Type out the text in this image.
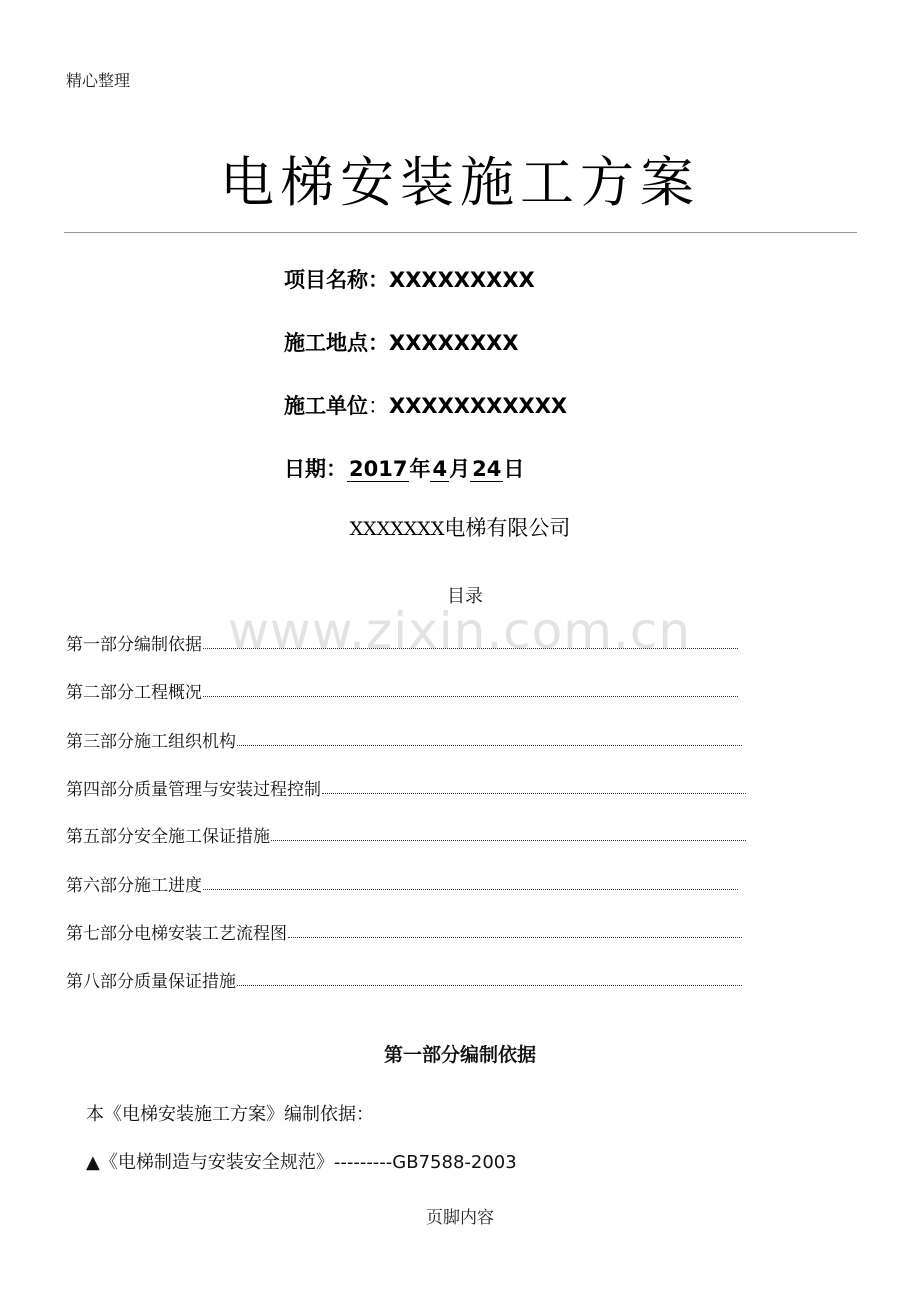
精心整理
电梯安装施工方案
项目名称：XXXXXXXXX
施工地点：XXXXXXXX
施工单位：XXXXXXXXXXX
日期：2017年4月24日
XXXXXXX电梯有限公司
目录
www.zixin.com.cn
第一部分编制依据
第二部分工程概况
第三部分施工组织机构
第四部分质量管理与安装过程控制
第五部分安全施工保证措施
第六部分施工进度
第七部分电梯安装工艺流程图
第八部分质量保证措施
第一部分编制依据
本《电梯安装施工方案》编制依据：
▲《电梯制造与安装安全规范》---------GB7588-2003
页脚内容
